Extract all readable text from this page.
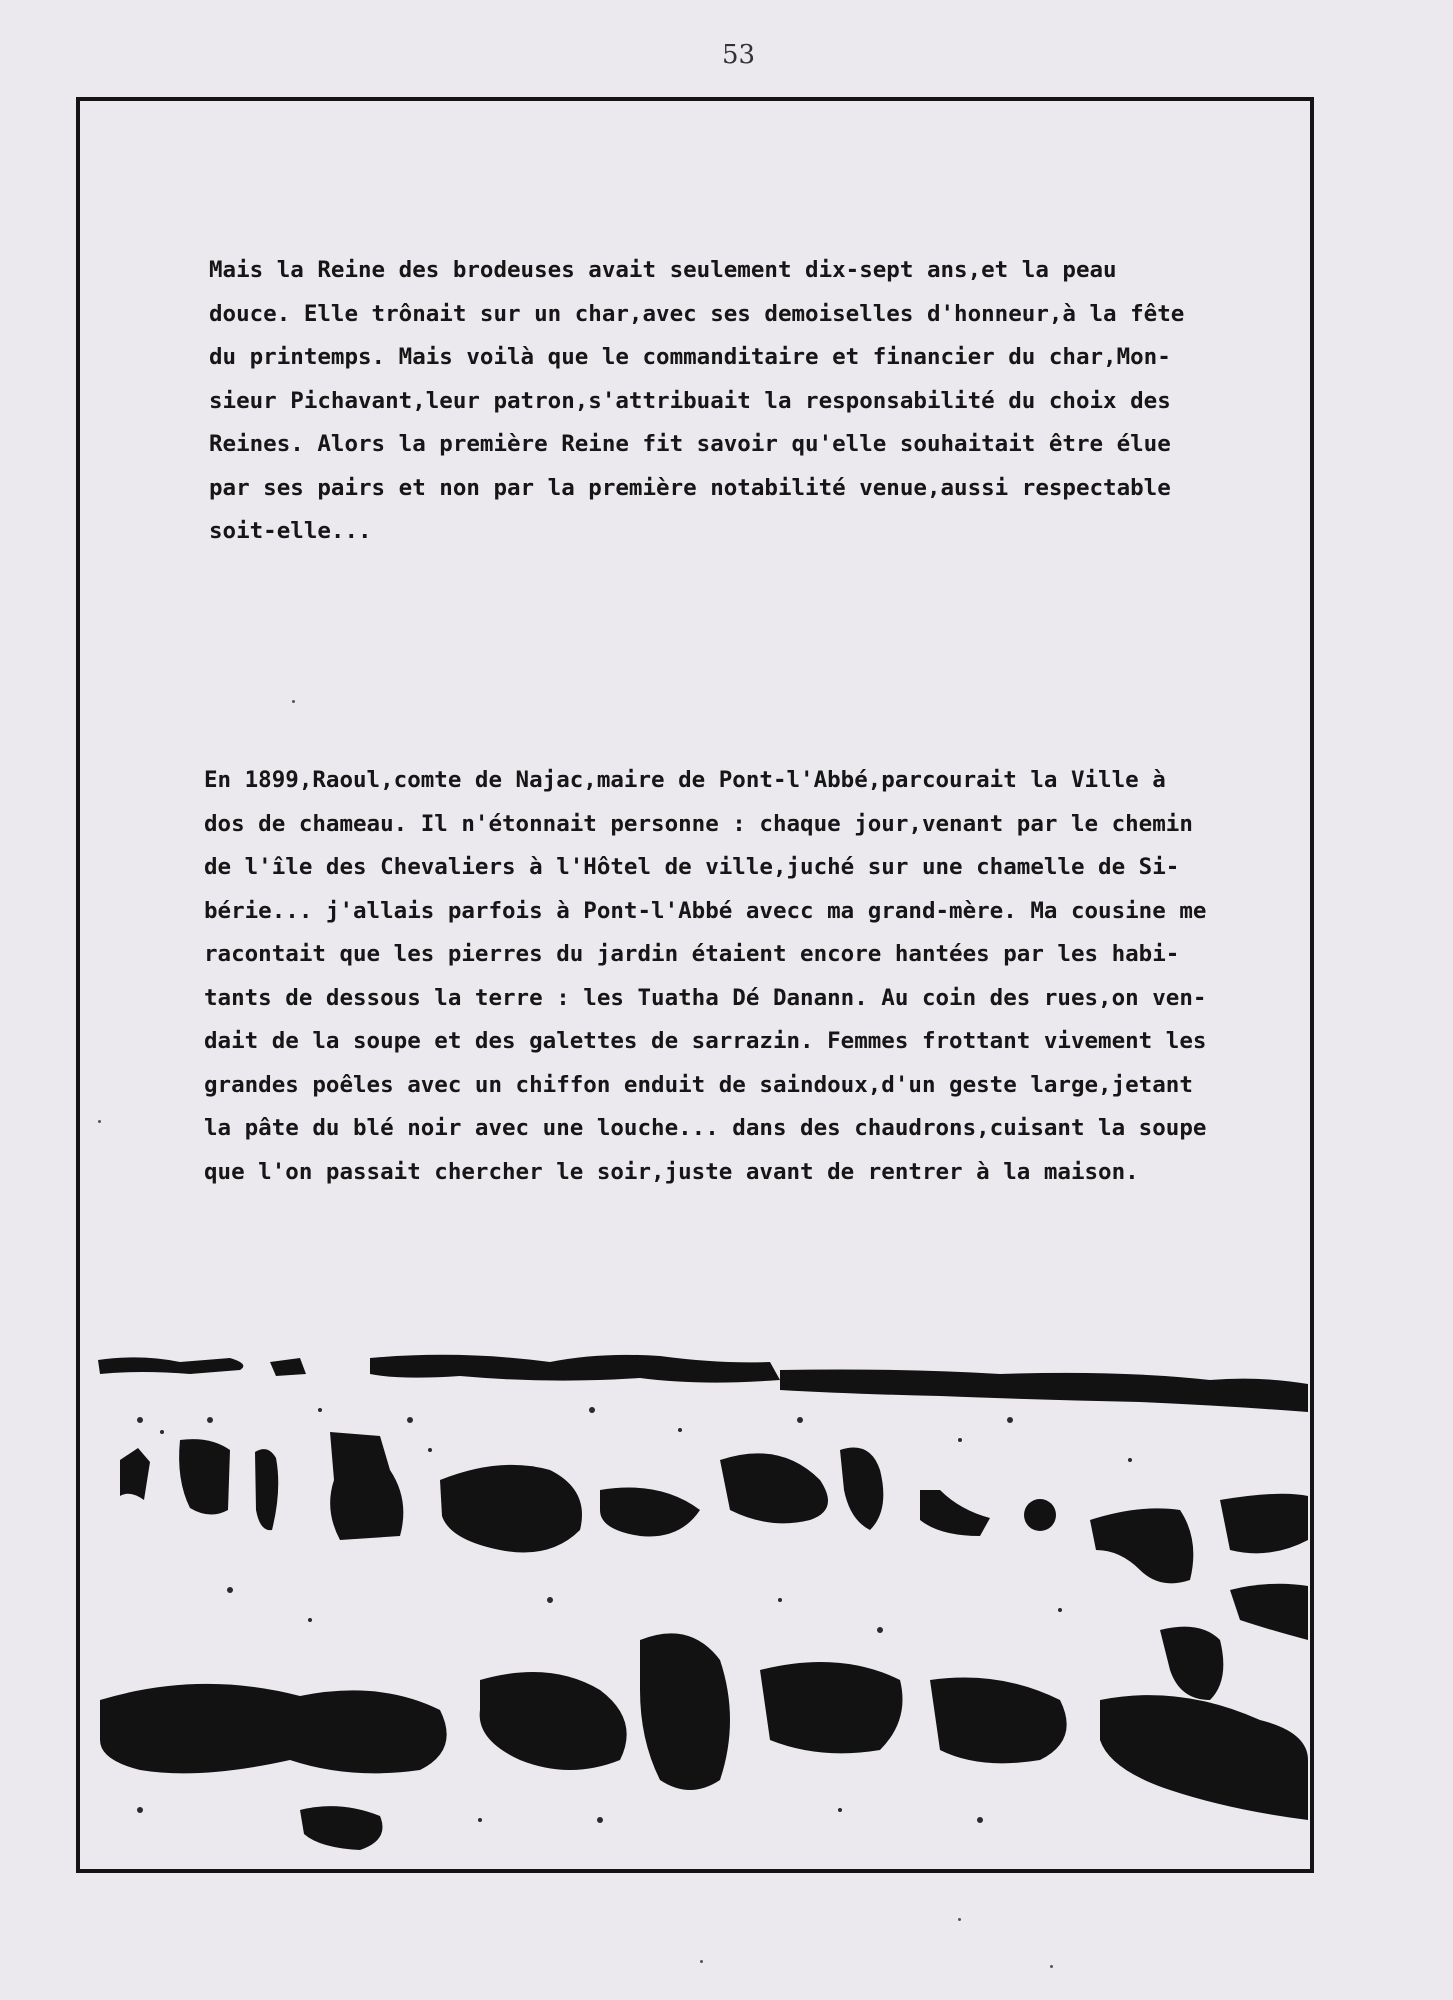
53
Mais la Reine des brodeuses avait seulement dix-sept ans,et la peau
douce. Elle trônait sur un char,avec ses demoiselles d'honneur,à la fête
du printemps. Mais voilà que le commanditaire et financier du char,Mon-
sieur Pichavant,leur patron,s'attribuait la responsabilité du choix des
Reines. Alors la première Reine fit savoir qu'elle souhaitait être élue
par ses pairs et non par la première notabilité venue,aussi respectable
soit-elle...
En 1899,Raoul,comte de Najac,maire de Pont-l'Abbé,parcourait la Ville à
dos de chameau. Il n'étonnait personne : chaque jour,venant par le chemin
de l'île des Chevaliers à l'Hôtel de ville,juché sur une chamelle de Si-
bérie... j'allais parfois à Pont-l'Abbé avecc ma grand-mère. Ma cousine me
racontait que les pierres du jardin étaient encore hantées par les habi-
tants de dessous la terre : les Tuatha Dé Danann. Au coin des rues,on ven-
dait de la soupe et des galettes de sarrazin. Femmes frottant vivement les
grandes poêles avec un chiffon enduit de saindoux,d'un geste large,jetant
la pâte du blé noir avec une louche... dans des chaudrons,cuisant la soupe
que l'on passait chercher le soir,juste avant de rentrer à la maison.
